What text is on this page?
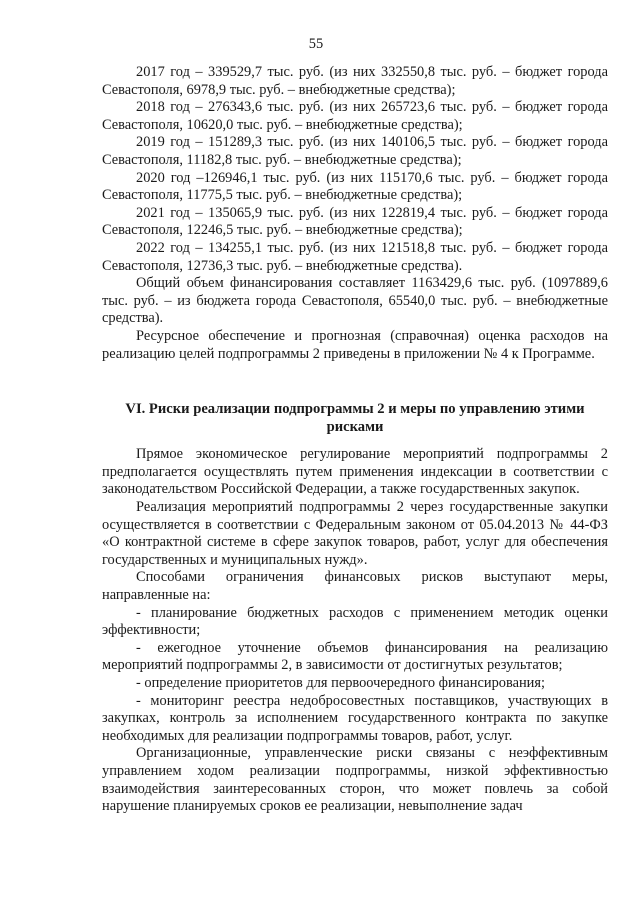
55

2017 год – 339529,7 тыс. руб. (из них 332550,8 тыс. руб. – бюджет города Севастополя, 6978,9 тыс. руб. – внебюджетные средства);

2018 год – 276343,6 тыс. руб. (из них 265723,6 тыс. руб. – бюджет города Севастополя, 10620,0 тыс. руб. – внебюджетные средства);

2019 год – 151289,3 тыс. руб. (из них 140106,5 тыс. руб. – бюджет города Севастополя, 11182,8 тыс. руб. – внебюджетные средства);

2020 год –126946,1 тыс. руб. (из них 115170,6 тыс. руб. – бюджет города Севастополя, 11775,5 тыс. руб. – внебюджетные средства);

2021 год – 135065,9 тыс. руб. (из них 122819,4 тыс. руб. – бюджет города Севастополя, 12246,5 тыс. руб. – внебюджетные средства);

2022 год – 134255,1 тыс. руб. (из них 121518,8 тыс. руб. – бюджет города Севастополя, 12736,3 тыс. руб. – внебюджетные средства).

Общий объем финансирования составляет 1163429,6 тыс. руб. (1097889,6 тыс. руб. – из бюджета города Севастополя, 65540,0 тыс. руб. – внебюджетные средства).

Ресурсное обеспечение и прогнозная (справочная) оценка расходов на реализацию целей подпрограммы 2 приведены в приложении № 4 к Программе.

VI. Риски реализации подпрограммы 2 и меры по управлению этими рисками

Прямое экономическое регулирование мероприятий подпрограммы 2 предполагается осуществлять путем применения индексации в соответствии с законодательством Российской Федерации, а также государственных закупок.

Реализация мероприятий подпрограммы 2 через государственные закупки осуществляется в соответствии с Федеральным законом от 05.04.2013 № 44-ФЗ «О контрактной системе в сфере закупок товаров, работ, услуг для обеспечения государственных и муниципальных нужд».

Способами ограничения финансовых рисков выступают меры, направленные на:

- планирование бюджетных расходов с применением методик оценки эффективности;

- ежегодное уточнение объемов финансирования на реализацию мероприятий подпрограммы 2, в зависимости от достигнутых результатов;

- определение приоритетов для первоочередного финансирования;

- мониторинг реестра недобросовестных поставщиков, участвующих в закупках, контроль за исполнением государственного контракта по закупке необходимых для реализации подпрограммы товаров, работ, услуг.

Организационные, управленческие риски связаны с неэффективным управлением ходом реализации подпрограммы, низкой эффективностью взаимодействия заинтересованных сторон, что может повлечь за собой нарушение планируемых сроков ее реализации, невыполнение задач
